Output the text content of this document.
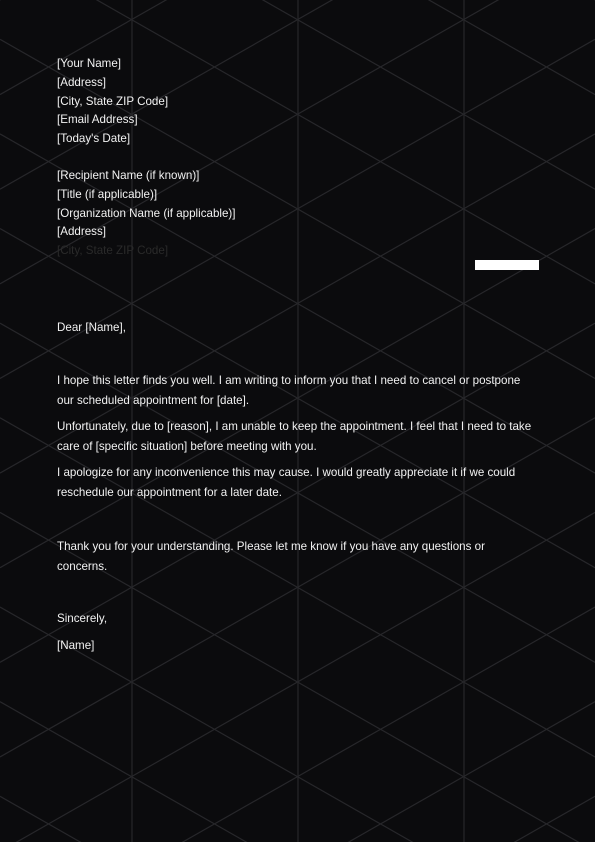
[Your Name]
[Address]
[City, State ZIP Code]
[Email Address]
[Today's Date]
[Recipient Name (if known)]
[Title (if applicable)]
[Organization Name (if applicable)]
[Address]
[City, State ZIP Code]

Dear [Name],

I hope this letter finds you well. I am writing to inform you that I need to cancel or postpone our scheduled appointment for [date].

Unfortunately, due to [reason], I am unable to keep the appointment. I feel that I need to take care of [specific situation] before meeting with you.

I apologize for any inconvenience this may cause. I would greatly appreciate it if we could reschedule our appointment for a later date.

Thank you for your understanding. Please let me know if you have any questions or concerns.

Sincerely,

[Name]
